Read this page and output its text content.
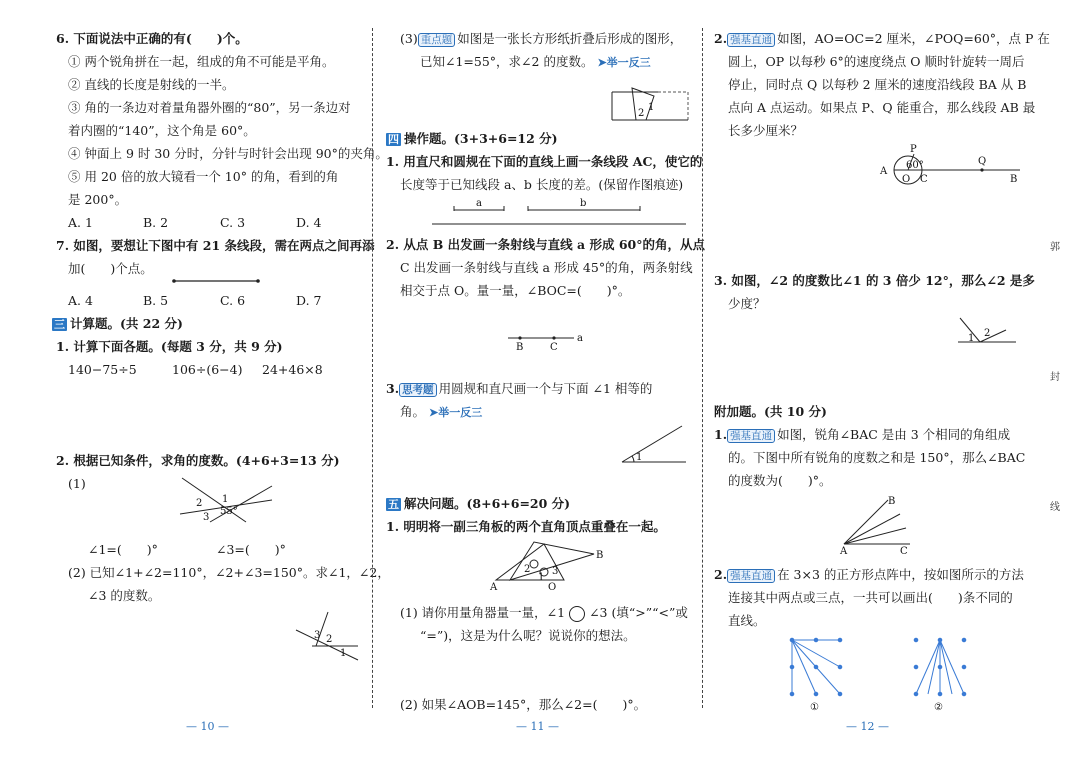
6. 下面说法中正确的有(　　)个。
① 两个锐角拼在一起，组成的角不可能是平角。
② 直线的长度是射线的一半。
③ 角的一条边对着量角器外圈的“80”，另一条边对
着内圈的“140”，这个角是 60°。
④ 钟面上 9 时 30 分时，分针与时针会出现 90°的夹角。
⑤ 用 20 倍的放大镜看一个 10° 的角，看到的角
是 200°。
A. 1	B. 2	C. 3	D. 4
7. 如图，要想让下图中有 21 条线段，需在两点之间再添
加(　　)个点。
A. 4	B. 5	C. 6	D. 7
三 计算题。(共 22 分)
1. 计算下面各题。(每题 3 分，共 9 分)
140−75÷5	106÷(6−4) 24+46×8
2. 根据已知条件，求角的度数。(4+6+3=13 分)
(1)
2 1
3
55°
∠1=(　　)°	∠3=(　　)°
(2) 已知∠1+∠2=110°，∠2+∠3=150°。求∠1，∠2，
∠3 的度数。
3 2
1
— 10 —
(3) 重点题 如图是一张长方形纸折叠后形成的图形，
已知∠1=55°，求∠2 的度数。 ➤举一反三
2
1
四 操作题。(3+3+6=12 分)
1. 用直尺和圆规在下面的直线上画一条线段 AC，使它的
长度等于已知线段 a、b 长度的差。(保留作图痕迹)
a	b
2. 从点 B 出发画一条射线与直线 a 形成 60°的角，从点
C 出发画一条射线与直线 a 形成 45°的角，两条射线
相交于点 O。量一量，∠BOC=(　　)°。
B	C
a
3. 思考题 用圆规和直尺画一个与下面 ∠1 相等的
角。 ➤举一反三
1
五 解决问题。(8+6+6=20 分)
1. 明明将一副三角板的两个直角顶点重叠在一起。
B
A	O
2
1
3
(1) 请你用量角器量一量，∠1 ∠3 (填“>”“<”或
“=”)，这是为什么呢？说说你的想法。
(2) 如果∠AOB=145°，那么∠2=(　　)°。
— 11 —
2. 强基直通 如图，AO=OC=2 厘米，∠POQ=60°，点 P 在
圆上，OP 以每秒 6°的速度绕点 O 顺时针旋转一周后
停止，同时点 Q 以每秒 2 厘米的速度沿线段 BA 从 B
点向 A 点运动。如果点 P、Q 能重合，那么线段 AB 最
长多少厘米？
P
60°
A
O C
Q
B
3. 如图，∠2 的度数比∠1 的 3 倍少 12°，那么∠2 是多
少度？
1 2
附加题。(共 10 分)
1. 强基直通 如图，锐角∠BAC 是由 3 个相同的角组成
的。下图中所有锐角的度数之和是 150°，那么∠BAC
的度数为(　　)°。
B
A	C
2. 强基直通 在 3×3 的正方形点阵中，按如图所示的方法
连接其中两点或三点，一共可以画出(　　)条不同的
直线。
①	②
— 12 —
郭
封
线
